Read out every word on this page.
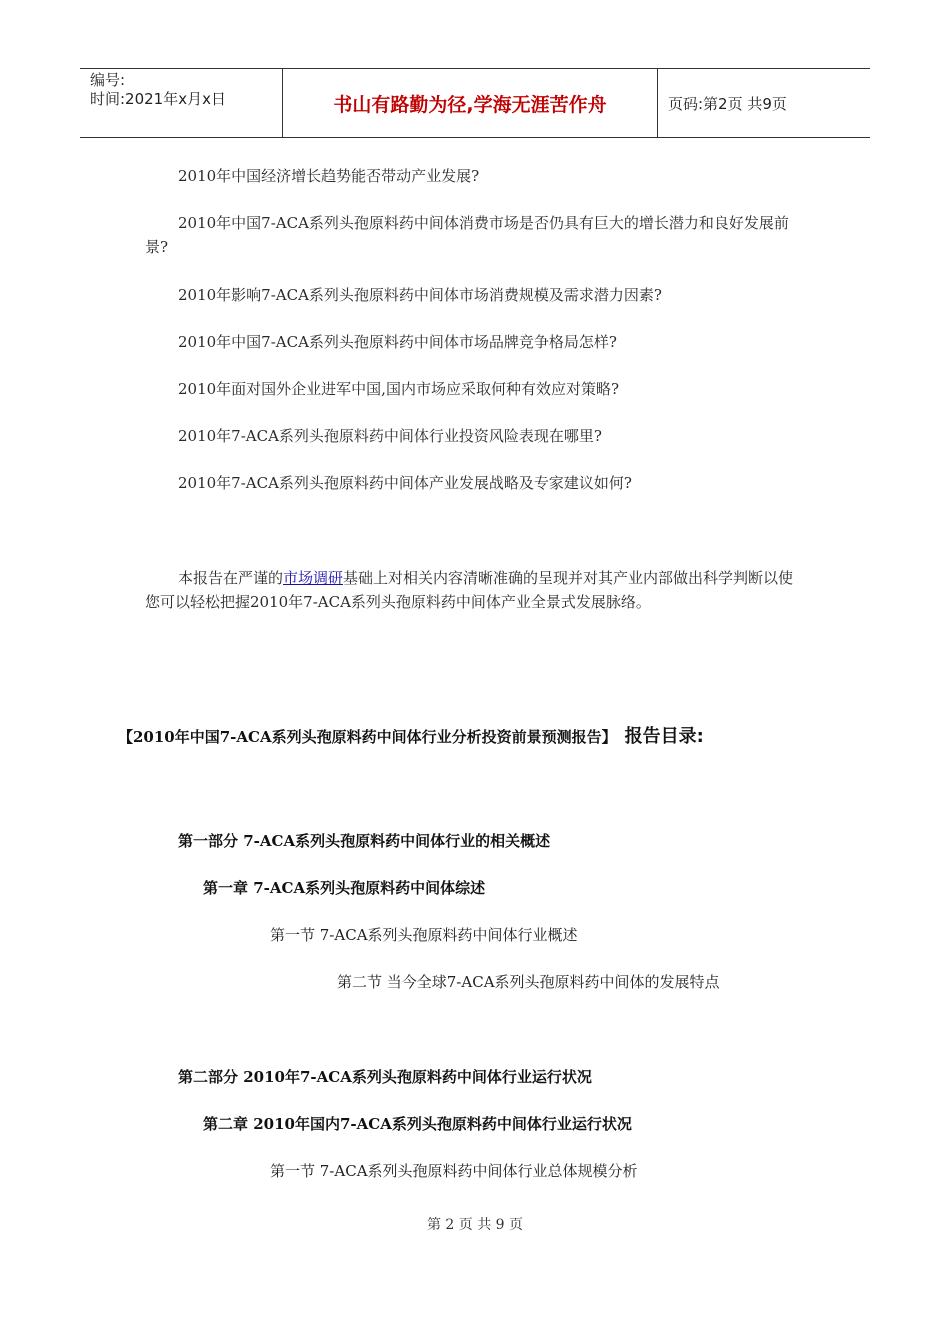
编号:
时间:2021年x月x日	书山有路勤为径,学海无涯苦作舟	页码:第2页 共9页
2010年中国经济增长趋势能否带动产业发展?
2010年中国7-ACA系列头孢原料药中间体消费市场是否仍具有巨大的增长潜力和良好发展前景?
2010年影响7-ACA系列头孢原料药中间体市场消费规模及需求潜力因素?
2010年中国7-ACA系列头孢原料药中间体市场品牌竞争格局怎样?
2010年面对国外企业进军中国,国内市场应采取何种有效应对策略?
2010年7-ACA系列头孢原料药中间体行业投资风险表现在哪里?
2010年7-ACA系列头孢原料药中间体产业发展战略及专家建议如何?
本报告在严谨的市场调研基础上对相关内容清晰准确的呈现并对其产业内部做出科学判断以使您可以轻松把握2010年7-ACA系列头孢原料药中间体产业全景式发展脉络。
【2010年中国7-ACA系列头孢原料药中间体行业分析投资前景预测报告】 报告目录:
第一部分 7-ACA系列头孢原料药中间体行业的相关概述
第一章 7-ACA系列头孢原料药中间体综述
第一节 7-ACA系列头孢原料药中间体行业概述
第二节 当今全球7-ACA系列头孢原料药中间体的发展特点
第二部分 2010年7-ACA系列头孢原料药中间体行业运行状况
第二章 2010年国内7-ACA系列头孢原料药中间体行业运行状况
第一节 7-ACA系列头孢原料药中间体行业总体规模分析
第 2 页 共 9 页
